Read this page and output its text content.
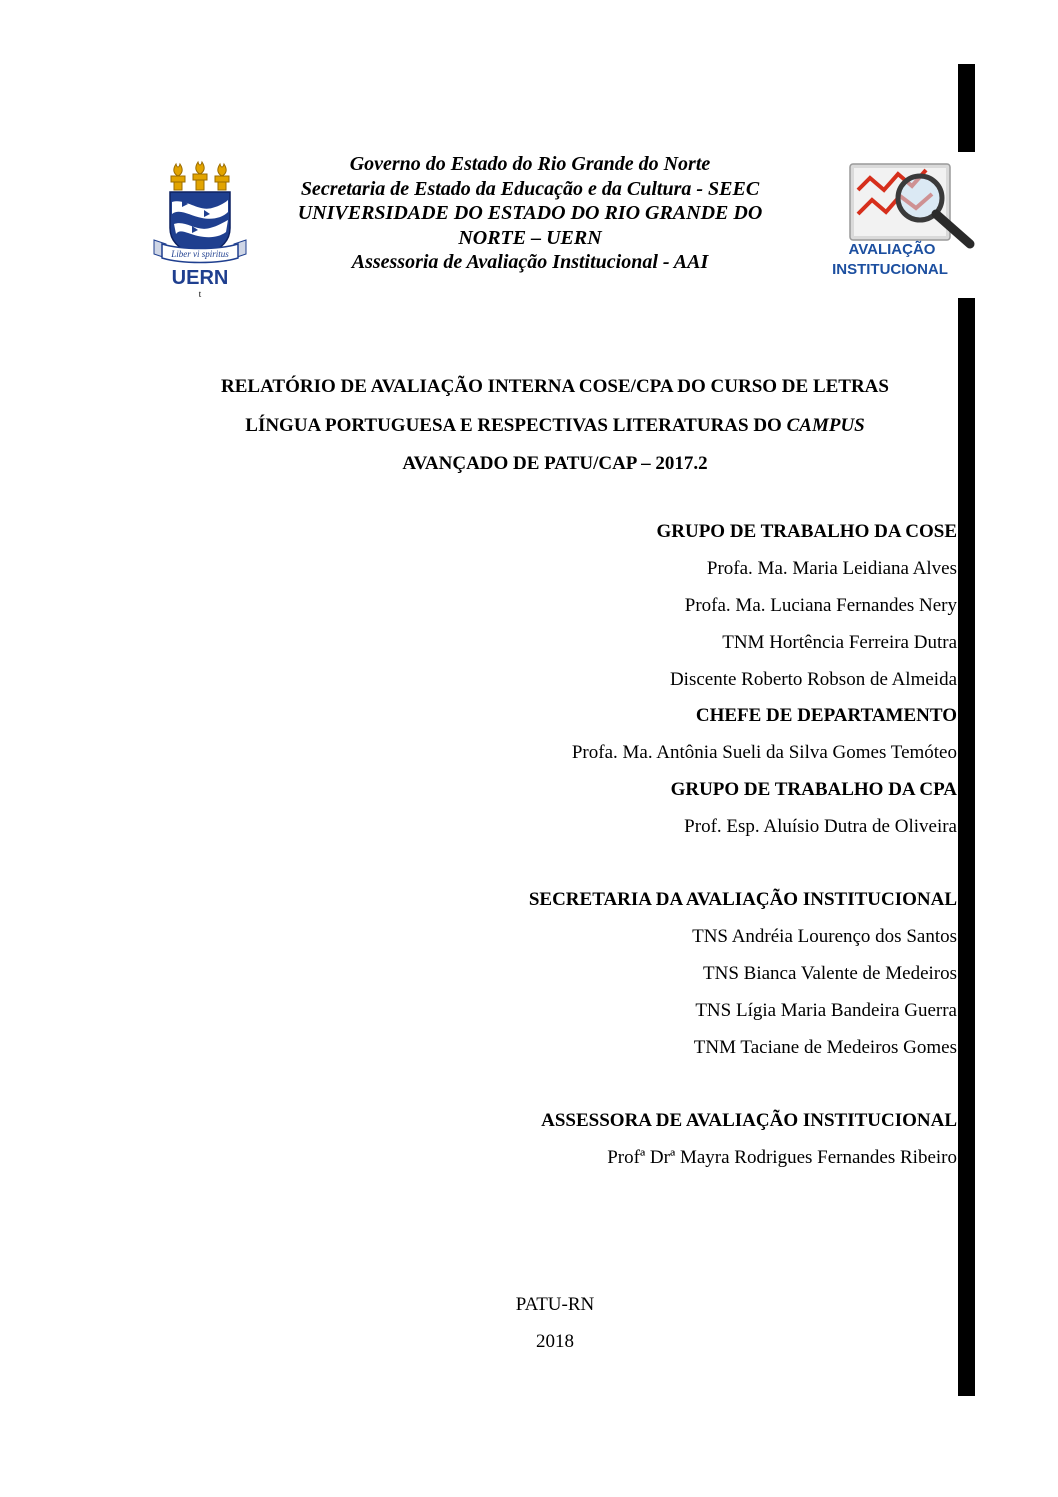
Liber vi spiritus
UERN
t
AVALIAÇÃO
INSTITUCIONAL
Governo do Estado do Rio Grande do Norte
Secretaria de Estado da Educação e da Cultura - SEEC
UNIVERSIDADE DO ESTADO DO RIO GRANDE DO
NORTE – UERN
Assessoria de Avaliação Institucional - AAI
RELATÓRIO DE AVALIAÇÃO INTERNA COSE/CPA DO CURSO DE LETRAS
LÍNGUA PORTUGUESA E RESPECTIVAS LITERATURAS DO CAMPUS
AVANÇADO DE PATU/CAP – 2017.2
GRUPO DE TRABALHO DA COSE
Profa. Ma. Maria Leidiana Alves
Profa. Ma. Luciana Fernandes Nery
TNM Hortência Ferreira Dutra
Discente Roberto Robson de Almeida
CHEFE DE DEPARTAMENTO
Profa. Ma. Antônia Sueli da Silva Gomes Temóteo
GRUPO DE TRABALHO DA CPA
Prof. Esp. Aluísio Dutra de Oliveira
SECRETARIA DA AVALIAÇÃO INSTITUCIONAL
TNS Andréia Lourenço dos Santos
TNS Bianca Valente de Medeiros
TNS Lígia Maria Bandeira Guerra
TNM Taciane de Medeiros Gomes
ASSESSORA DE AVALIAÇÃO INSTITUCIONAL
Profª Drª Mayra Rodrigues Fernandes Ribeiro
PATU-RN
2018
